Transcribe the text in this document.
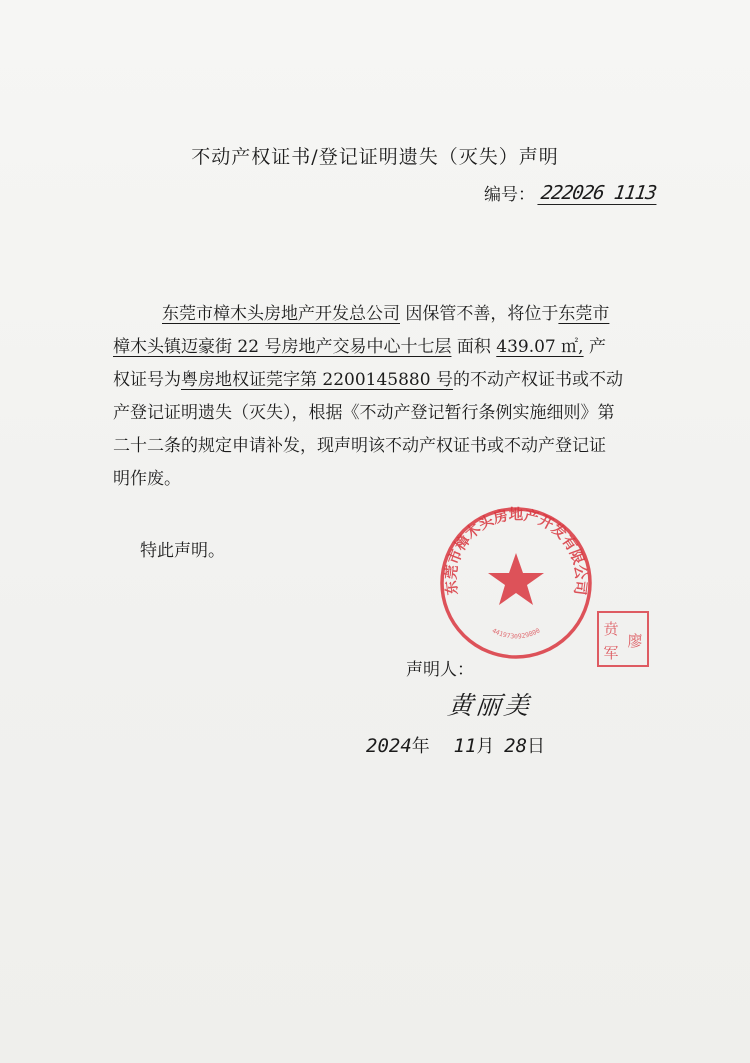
不动产权证书/登记证明遗失（灭失）声明
编号： 222026 1113
东莞市樟木头房地产开发总公司 因保管不善，将位于东莞市
樟木头镇迈豪街 22 号房地产交易中心十七层 面积 439.07 ㎡, 产
权证号为粤房地权证莞字第 2200145880 号的不动产权证书或不动
产登记证明遗失（灭失），根据《不动产登记暂行条例实施细则》第
二十二条的规定申请补发，现声明该不动产权证书或不动产登记证
明作废。
特此声明。
东莞市樟木头房地产开发有限公司
4419730929800	贲
廖
军
声明人：
黄丽美
2024年 11月 28日
